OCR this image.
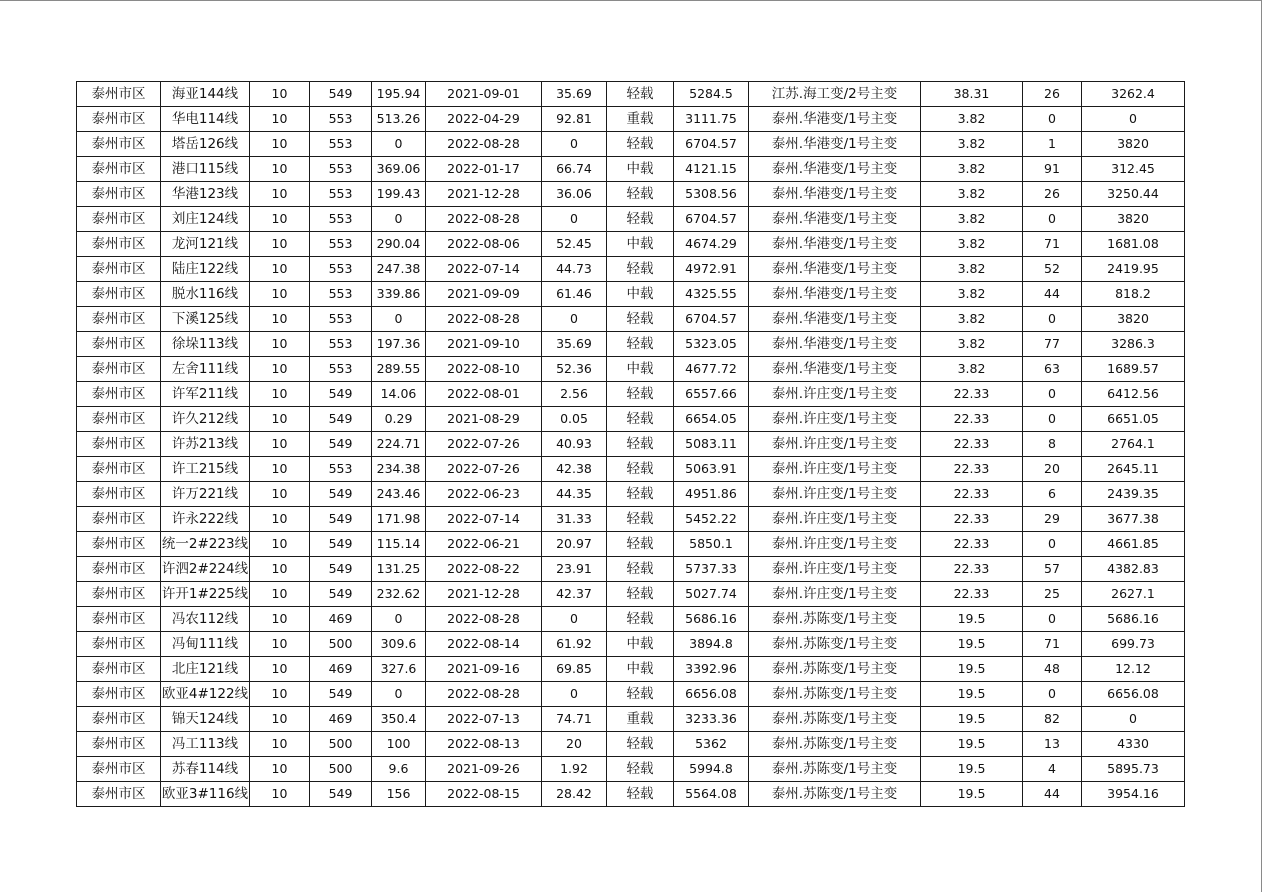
泰州市区	海亚144线	10	549	195.94	2021-09-01	35.69	轻载	5284.5	江苏.海工变/2号主变	38.31	26	3262.4
泰州市区	华电114线	10	553	513.26	2022-04-29	92.81	重载	3111.75	泰州.华港变/1号主变	3.82	0	0
泰州市区	塔岳126线	10	553	0	2022-08-28	0	轻载	6704.57	泰州.华港变/1号主变	3.82	1	3820
泰州市区	港口115线	10	553	369.06	2022-01-17	66.74	中载	4121.15	泰州.华港变/1号主变	3.82	91	312.45
泰州市区	华港123线	10	553	199.43	2021-12-28	36.06	轻载	5308.56	泰州.华港变/1号主变	3.82	26	3250.44
泰州市区	刘庄124线	10	553	0	2022-08-28	0	轻载	6704.57	泰州.华港变/1号主变	3.82	0	3820
泰州市区	龙河121线	10	553	290.04	2022-08-06	52.45	中载	4674.29	泰州.华港变/1号主变	3.82	71	1681.08
泰州市区	陆庄122线	10	553	247.38	2022-07-14	44.73	轻载	4972.91	泰州.华港变/1号主变	3.82	52	2419.95
泰州市区	脱水116线	10	553	339.86	2021-09-09	61.46	中载	4325.55	泰州.华港变/1号主变	3.82	44	818.2
泰州市区	下溪125线	10	553	0	2022-08-28	0	轻载	6704.57	泰州.华港变/1号主变	3.82	0	3820
泰州市区	徐垛113线	10	553	197.36	2021-09-10	35.69	轻载	5323.05	泰州.华港变/1号主变	3.82	77	3286.3
泰州市区	左舍111线	10	553	289.55	2022-08-10	52.36	中载	4677.72	泰州.华港变/1号主变	3.82	63	1689.57
泰州市区	许军211线	10	549	14.06	2022-08-01	2.56	轻载	6557.66	泰州.许庄变/1号主变	22.33	0	6412.56
泰州市区	许久212线	10	549	0.29	2021-08-29	0.05	轻载	6654.05	泰州.许庄变/1号主变	22.33	0	6651.05
泰州市区	许苏213线	10	549	224.71	2022-07-26	40.93	轻载	5083.11	泰州.许庄变/1号主变	22.33	8	2764.1
泰州市区	许工215线	10	553	234.38	2022-07-26	42.38	轻载	5063.91	泰州.许庄变/1号主变	22.33	20	2645.11
泰州市区	许万221线	10	549	243.46	2022-06-23	44.35	轻载	4951.86	泰州.许庄变/1号主变	22.33	6	2439.35
泰州市区	许永222线	10	549	171.98	2022-07-14	31.33	轻载	5452.22	泰州.许庄变/1号主变	22.33	29	3677.38
泰州市区	统一2#223线	10	549	115.14	2022-06-21	20.97	轻载	5850.1	泰州.许庄变/1号主变	22.33	0	4661.85
泰州市区	许泗2#224线	10	549	131.25	2022-08-22	23.91	轻载	5737.33	泰州.许庄变/1号主变	22.33	57	4382.83
泰州市区	许开1#225线	10	549	232.62	2021-12-28	42.37	轻载	5027.74	泰州.许庄变/1号主变	22.33	25	2627.1
泰州市区	冯农112线	10	469	0	2022-08-28	0	轻载	5686.16	泰州.苏陈变/1号主变	19.5	0	5686.16
泰州市区	冯甸111线	10	500	309.6	2022-08-14	61.92	中载	3894.8	泰州.苏陈变/1号主变	19.5	71	699.73
泰州市区	北庄121线	10	469	327.6	2021-09-16	69.85	中载	3392.96	泰州.苏陈变/1号主变	19.5	48	12.12
泰州市区	欧亚4#122线	10	549	0	2022-08-28	0	轻载	6656.08	泰州.苏陈变/1号主变	19.5	0	6656.08
泰州市区	锦天124线	10	469	350.4	2022-07-13	74.71	重载	3233.36	泰州.苏陈变/1号主变	19.5	82	0
泰州市区	冯工113线	10	500	100	2022-08-13	20	轻载	5362	泰州.苏陈变/1号主变	19.5	13	4330
泰州市区	苏春114线	10	500	9.6	2021-09-26	1.92	轻载	5994.8	泰州.苏陈变/1号主变	19.5	4	5895.73
泰州市区	欧亚3#116线	10	549	156	2022-08-15	28.42	轻载	5564.08	泰州.苏陈变/1号主变	19.5	44	3954.16
